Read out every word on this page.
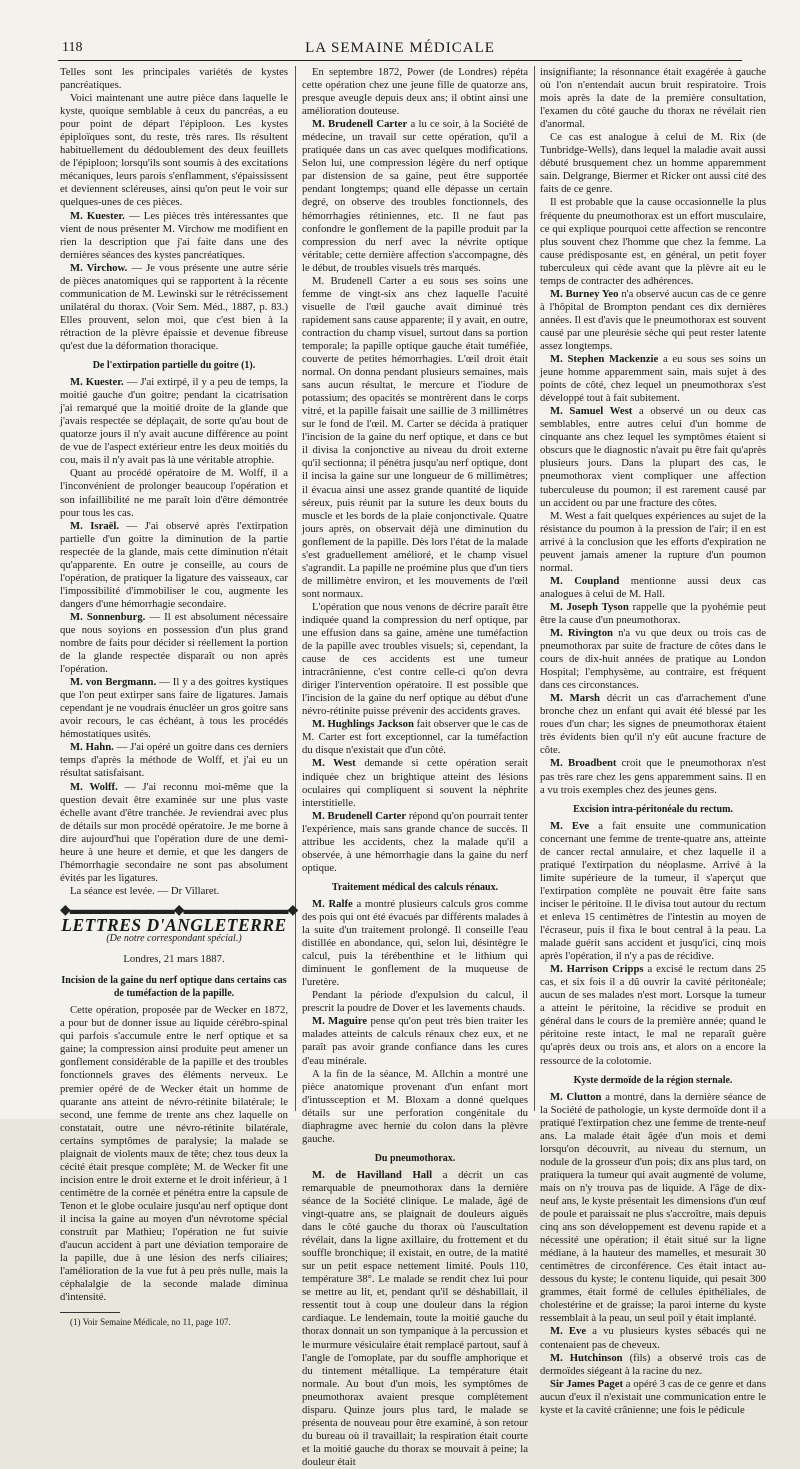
118	LA SEMAINE MÉDICALE

Telles sont les principales variétés de kystes pancréatiques.

Voici maintenant une autre pièce dans laquelle le kyste, quoique semblable à ceux du pancréas, a eu pour point de départ l'épiploon. Les kystes épiploïques sont, du reste, très rares. Ils résultent habituellement du dédoublement des deux feuillets de l'épiploon; lorsqu'ils sont soumis à des excitations mécaniques, leurs parois s'enflamment, s'épaississent et deviennent scléreuses, ainsi qu'on peut le voir sur quelques-unes de ces pièces.

M. Kuester. — Les pièces très intéressantes que vient de nous présenter M. Virchow me modifient en rien la description que j'ai faite dans une des dernières séances des kystes pancréatiques.

M. Virchow. — Je vous présente une autre série de pièces anatomiques qui se rapportent à la récente communication de M. Lewinski sur le rétrécissement unilatéral du thorax. (Voir Sem. Méd., 1887, p. 83.) Elles prouvent, selon moi, que c'est bien à la rétraction de la plèvre épaissie et devenue fibreuse qu'est due la déformation thoracique.

De l'extirpation partielle du goitre (1).

M. Kuester. — J'ai extirpé, il y a peu de temps, la moitié gauche d'un goitre; pendant la cicatrisation j'ai remarqué que la moitié droite de la glande que j'avais respectée se déplaçait, de sorte qu'au bout de quatorze jours il n'y avait aucune différence au point de vue de l'aspect extérieur entre les deux moitiés du cou, mais il n'y avait pas là une véritable atrophie.

Quant au procédé opératoire de M. Wolff, il a l'inconvénient de prolonger beaucoup l'opération et son infaillibilité ne me paraît loin d'être démontrée pour tous les cas.

M. Israël. — J'ai observé après l'extirpation partielle d'un goitre la diminution de la partie respectée de la glande, mais cette diminution n'était qu'apparente. En outre je conseille, au cours de l'opération, de pratiquer la ligature des vaisseaux, car l'impossibilité d'immobiliser le cou, augmente les dangers d'une hémorrhagie secondaire.

M. Sonnenburg. — Il est absolument nécessaire que nous soyions en possession d'un plus grand nombre de faits pour décider si réellement la portion de la glande respectée disparaît ou non après l'opération.

M. von Bergmann. — Il y a des goitres kystiques que l'on peut extirper sans faire de ligatures. Jamais cependant je ne voudrais énucléer un gros goitre sans avoir recours, le cas échéant, à tous les procédés hémostatiques usités.

M. Hahn. — J'ai opéré un goitre dans ces derniers temps d'après la méthode de Wolff, et j'ai eu un résultat satisfaisant.

M. Wolff. — J'ai reconnu moi-même que la question devait être examinée sur une plus vaste échelle avant d'être tranchée. Je reviendrai avec plus de détails sur mon procédé opératoire. Je me borne à dire aujourd'hui que l'opération dure de une demi-heure à une heure et demie, et que les dangers de l'hémorrhagie secondaire ne sont pas absolument évités par les ligatures.

La séance est levée. — Dr Villaret.

◆▬▬▬▬▬▬▬▬◆▬▬▬▬▬▬▬▬◆
LETTRES D'ANGLETERRE
(De notre correspondant spécial.)
Londres, 21 mars 1887.
Incision de la gaine du nerf optique dans certains cas de tuméfaction de la papille.

Cette opération, proposée par de Wecker en 1872, a pour but de donner issue au liquide cérébro-spinal qui parfois s'accumule entre le nerf optique et sa gaine; la compression ainsi produite peut amener un gonflement considérable de la papille et des troubles fonctionnels graves des éléments nerveux. Le premier opéré de de Wecker était un homme de quarante ans atteint de névro-rétinite bilatérale; le second, une femme de trente ans chez laquelle on constatait, outre une névro-rétinite bilatérale, certains symptômes de paralysie; la malade se plaignait de violents maux de tête; chez tous deux la cécité était presque complète; M. de Wecker fit une incision entre le droit externe et le droit inférieur, à 1 centimètre de la cornée et pénétra entre la capsule de Tenon et le globe oculaire jusqu'au nerf optique dont il incisa la gaine au moyen d'un névrotome spécial construit par Mathieu; l'opération ne fut suivie d'aucun accident à part une déviation temporaire de la papille, due à une lésion des nerfs ciliaires; l'amélioration de la vue fut à peu près nulle, mais la céphalalgie de la seconde malade diminua d'intensité.

(1) Voir Semaine Médicale, no 11, page 107.

En septembre 1872, Power (de Londres) répéta cette opération chez une jeune fille de quatorze ans, presque aveugle depuis deux ans; il obtint ainsi une amélioration douteuse.

M. Brudenell Carter a lu ce soir, à la Société de médecine, un travail sur cette opération, qu'il a pratiquée dans un cas avec quelques modifications. Selon lui, une compression légère du nerf optique par distension de sa gaine, peut être supportée pendant longtemps; quand elle dépasse un certain degré, on observe des troubles fonctionnels, des hémorrhagies rétiniennes, etc. Il ne faut pas confondre le gonflement de la papille produit par la compression du nerf avec la névrite optique véritable; cette dernière affection s'accompagne, dès le début, de troubles visuels très marqués.

M. Brudenell Carter a eu sous ses soins une femme de vingt-six ans chez laquelle l'acuité visuelle de l'œil gauche avait diminué très rapidement sans cause apparente; il y avait, en outre, contraction du champ visuel, surtout dans sa portion temporale; la papille optique gauche était tuméfiée, couverte de petites hémorrhagies. L'œil droit était normal. On donna pendant plusieurs semaines, mais sans aucun résultat, le mercure et l'iodure de potassium; des opacités se montrèrent dans le corps vitré, et la papille faisait une saillie de 3 millimètres sur le fond de l'œil. M. Carter se décida à pratiquer l'incision de la gaine du nerf optique, et dans ce but il divisa la conjonctive au niveau du droit externe qu'il sectionna; il pénétra jusqu'au nerf optique, dont il incisa la gaine sur une longueur de 6 millimètres; il évacua ainsi une assez grande quantité de liquide séreux, puis réunit par la suture les deux bouts du muscle et les bords de la plaie conjonctivale. Quatre jours après, on observait déjà une diminution du gonflement de la papille. Dès lors l'état de la malade s'est graduellement amélioré, et le champ visuel s'agrandit. La papille ne proémine plus que d'un tiers de millimètre environ, et les mouvements de l'œil sont normaux.

L'opération que nous venons de décrire paraît être indiquée quand la compression du nerf optique, par une effusion dans sa gaine, amène une tuméfaction de la papille avec troubles visuels; si, cependant, la cause de ces accidents est une tumeur intracrânienne, c'est contre celle-ci qu'on devra diriger l'intervention opératoire. Il est possible que l'incision de la gaine du nerf optique au début d'une névro-rétinite puisse prévenir des accidents graves.

M. Hughlings Jackson fait observer que le cas de M. Carter est fort exceptionnel, car la tuméfaction du disque n'existait que d'un côté.

M. West demande si cette opération serait indiquée chez un brightique atteint des lésions oculaires qui compliquent si souvent la néphrite interstitielle.

M. Brudenell Carter répond qu'on pourrait tenter l'expérience, mais sans grande chance de succès. Il attribue les accidents, chez la malade qu'il a observée, à une hémorrhagie dans la gaine du nerf optique.

Traitement médical des calculs rénaux.

M. Ralfe a montré plusieurs calculs gros comme des pois qui ont été évacués par différents malades à la suite d'un traitement prolongé. Il conseille l'eau distillée en abondance, qui, selon lui, désintègre le calcul, puis la térébenthine et le lithium qui diminuent le gonflement de la muqueuse de l'uretère.

Pendant la période d'expulsion du calcul, il prescrit la poudre de Dover et les lavements chauds.

M. Maguire pense qu'on peut très bien traiter les malades atteints de calculs rénaux chez eux, et ne paraît pas avoir grande confiance dans les cures d'eau minérale.

A la fin de la séance, M. Allchin a montré une pièce anatomique provenant d'un enfant mort d'intussception et M. Bloxam a donné quelques détails sur une perforation congénitale du diaphragme avec hernie du colon dans la plèvre gauche.

Du pneumothorax.

M. de Havilland Hall a décrit un cas remarquable de pneumothorax dans la dernière séance de la Société clinique. Le malade, âgé de vingt-quatre ans, se plaignait de douleurs aiguës dans le côté gauche du thorax où l'auscultation révélait, dans la ligne axillaire, du frottement et du souffle bronchique; il existait, en outre, de la matité sur un petit espace nettement limité. Pouls 110, température 38°. Le malade se rendit chez lui pour se mettre au lit, et, pendant qu'il se déshabillait, il ressentit tout à coup une douleur dans la région cardiaque. Le lendemain, toute la moitié gauche du thorax donnait un son tympanique à la percussion et le murmure vésiculaire était remplacé partout, sauf à l'angle de l'omoplate, par du souffle amphorique et du tintement métallique. La température était normale. Au bout d'un mois, les symptômes de pneumothorax avaient presque complètement disparu. Quinze jours plus tard, le malade se présenta de nouveau pour être examiné, à son retour du bureau où il travaillait; la respiration était courte et la moitié gauche du thorax se mouvait à peine; la douleur était

insignifiante; la résonnance était exagérée à gauche où l'on n'entendait aucun bruit respiratoire. Trois mois après la date de la première consultation, l'examen du côté gauche du thorax ne révélait rien d'anormal.

Ce cas est analogue à celui de M. Rix (de Tunbridge-Wells), dans lequel la maladie avait aussi débuté brusquement chez un homme apparemment sain. Delgrange, Biermer et Ricker ont aussi cité des faits de ce genre.

Il est probable que la cause occasionnelle la plus fréquente du pneumothorax est un effort musculaire, ce qui explique pourquoi cette affection se rencontre plus souvent chez l'homme que chez la femme. La cause prédisposante est, en général, un petit foyer tuberculeux qui cède avant que la plèvre ait eu le temps de contracter des adhérences.

M. Burney Yeo n'a observé aucun cas de ce genre à l'hôpital de Brompton pendant ces dix dernières années. Il est d'avis que le pneumothorax est souvent causé par une pleurésie sèche qui peut rester latente assez longtemps.

M. Stephen Mackenzie a eu sous ses soins un jeune homme apparemment sain, mais sujet à des points de côté, chez lequel un pneumothorax s'est développé tout à fait subitement.

M. Samuel West a observé un ou deux cas semblables, entre autres celui d'un homme de cinquante ans chez lequel les symptômes étaient si obscurs que le diagnostic n'avait pu être fait qu'après plusieurs jours. Dans la plupart des cas, le pneumothorax vient compliquer une affection tuberculeuse du poumon; il est rarement causé par un accident ou par une fracture des côtes.

M. West a fait quelques expériences au sujet de la résistance du poumon à la pression de l'air; il en est arrivé à la conclusion que les efforts d'expiration ne peuvent jamais amener la rupture d'un poumon normal.

M. Coupland mentionne aussi deux cas analogues à celui de M. Hall.

M. Joseph Tyson rappelle que la pyohémie peut être la cause d'un pneumothorax.

M. Rivington n'a vu que deux ou trois cas de pneumothorax par suite de fracture de côtes dans le cours de dix-huit années de pratique au London Hospital; l'emphysème, au contraire, est fréquent dans ces circonstances.

M. Marsh décrit un cas d'arrachement d'une bronche chez un enfant qui avait été blessé par les roues d'un char; les signes de pneumothorax étaient très évidents bien qu'il n'y eût aucune fracture de côte.

M. Broadbent croit que le pneumothorax n'est pas très rare chez les gens apparemment sains. Il en a vu trois exemples chez des jeunes gens.

Excision intra-péritonéale du rectum.

M. Eve a fait ensuite une communication concernant une femme de trente-quatre ans, atteinte de cancer rectal annulaire, et chez laquelle il a pratiqué l'extirpation du néoplasme. Arrivé à la limite supérieure de la tumeur, il s'aperçut que l'extirpation complète ne pouvait être faite sans inciser le péritoine. Il le divisa tout autour du rectum et enleva 15 centimètres de l'intestin au moyen de l'écraseur, puis il fixa le bout central à la peau. La malade guérit sans accident et jusqu'ici, cinq mois après l'opération, il n'y a pas de récidive.

M. Harrison Cripps a excisé le rectum dans 25 cas, et six fois il a dû ouvrir la cavité péritonéale; aucun de ses malades n'est mort. Lorsque la tumeur a atteint le péritoine, la récidive se produit en général dans le cours de la première année; quand le péritoine reste intact, le mal ne reparaît guère qu'après deux ou trois ans, et alors on a encore la ressource de la colotomie.

Kyste dermoïde de la région sternale.

M. Clutton a montré, dans la dernière séance de la Société de pathologie, un kyste dermoïde dont il a pratiqué l'extirpation chez une femme de trente-neuf ans. La malade était âgée d'un mois et demi lorsqu'on découvrit, au niveau du sternum, un nodule de la grosseur d'un pois; dix ans plus tard, on pratiquera la tumeur qui avait augmenté de volume, mais on n'y trouva pas de liquide. A l'âge de dix-neuf ans, le kyste présentait les dimensions d'un œuf de poule et paraissait ne plus s'accroître, mais depuis cinq ans son développement est devenu rapide et a nécessité une opération; il était situé sur la ligne médiane, à la hauteur des mamelles, et mesurait 30 centimètres de circonférence. Ces était intact au-dessous du kyste; le contenu liquide, qui pesait 300 grammes, était formé de cellules épithéliales, de cholestérine et de graisse; la paroi interne du kyste ressemblait à la peau, un seul poil y était implanté.

M. Eve a vu plusieurs kystes sébacés qui ne contenaient pas de cheveux.

M. Hutchinson (fils) a observé trois cas de dermoïdes siégeant à la racine du nez.

Sir James Paget a opéré 3 cas de ce genre et dans aucun d'eux il n'existait une communication entre le kyste et la cavité crânienne; une fois le pédicule
